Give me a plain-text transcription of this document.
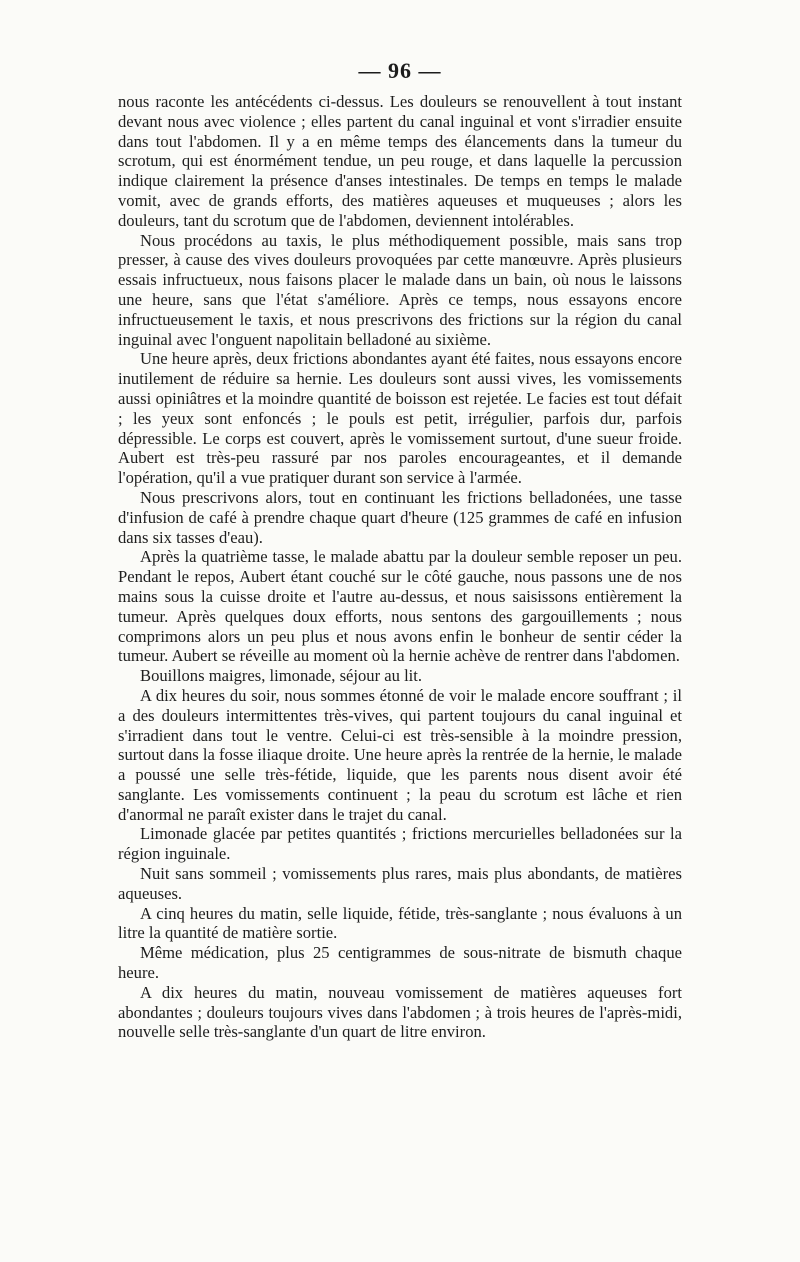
— 96 —

nous raconte les antécédents ci-dessus. Les douleurs se renouvellent à tout instant devant nous avec violence ; elles partent du canal inguinal et vont s'irradier ensuite dans tout l'abdomen. Il y a en même temps des élancements dans la tumeur du scrotum, qui est énormément tendue, un peu rouge, et dans laquelle la percussion indique clairement la présence d'anses intestinales. De temps en temps le malade vomit, avec de grands efforts, des matières aqueuses et muqueuses ; alors les douleurs, tant du scrotum que de l'abdomen, deviennent intolérables.

Nous procédons au taxis, le plus méthodiquement possible, mais sans trop presser, à cause des vives douleurs provoquées par cette manœuvre. Après plusieurs essais infructueux, nous faisons placer le malade dans un bain, où nous le laissons une heure, sans que l'état s'améliore. Après ce temps, nous essayons encore infructueusement le taxis, et nous prescrivons des frictions sur la région du canal inguinal avec l'onguent napolitain belladoné au sixième.

Une heure après, deux frictions abondantes ayant été faites, nous essayons encore inutilement de réduire sa hernie. Les douleurs sont aussi vives, les vomissements aussi opiniâtres et la moindre quantité de boisson est rejetée. Le facies est tout défait ; les yeux sont enfoncés ; le pouls est petit, irrégulier, parfois dur, parfois dépressible. Le corps est couvert, après le vomissement surtout, d'une sueur froide. Aubert est très-peu rassuré par nos paroles encourageantes, et il demande l'opération, qu'il a vue pratiquer durant son service à l'armée.

Nous prescrivons alors, tout en continuant les frictions belladonées, une tasse d'infusion de café à prendre chaque quart d'heure (125 grammes de café en infusion dans six tasses d'eau).

Après la quatrième tasse, le malade abattu par la douleur semble reposer un peu. Pendant le repos, Aubert étant couché sur le côté gauche, nous passons une de nos mains sous la cuisse droite et l'autre au-dessus, et nous saisissons entièrement la tumeur. Après quelques doux efforts, nous sentons des gargouillements ; nous comprimons alors un peu plus et nous avons enfin le bonheur de sentir céder la tumeur. Aubert se réveille au moment où la hernie achève de rentrer dans l'abdomen.

Bouillons maigres, limonade, séjour au lit.

A dix heures du soir, nous sommes étonné de voir le malade encore souffrant ; il a des douleurs intermittentes très-vives, qui partent toujours du canal inguinal et s'irradient dans tout le ventre. Celui-ci est très-sensible à la moindre pression, surtout dans la fosse iliaque droite. Une heure après la rentrée de la hernie, le malade a poussé une selle très-fétide, liquide, que les parents nous disent avoir été sanglante. Les vomissements continuent ; la peau du scrotum est lâche et rien d'anormal ne paraît exister dans le trajet du canal.

Limonade glacée par petites quantités ; frictions mercurielles belladonées sur la région inguinale.

Nuit sans sommeil ; vomissements plus rares, mais plus abondants, de matières aqueuses.

A cinq heures du matin, selle liquide, fétide, très-sanglante ; nous évaluons à un litre la quantité de matière sortie.

Même médication, plus 25 centigrammes de sous-nitrate de bismuth chaque heure.

A dix heures du matin, nouveau vomissement de matières aqueuses fort abondantes ; douleurs toujours vives dans l'abdomen ; à trois heures de l'après-midi, nouvelle selle très-sanglante d'un quart de litre environ.
